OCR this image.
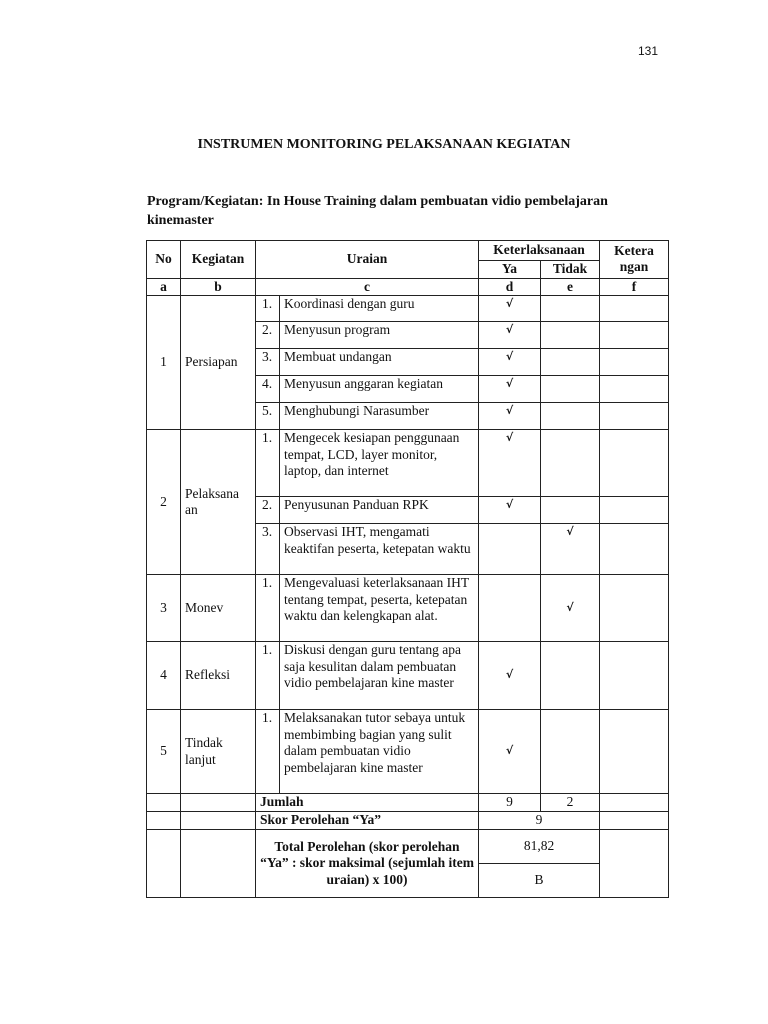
131
INSTRUMEN MONITORING PELAKSANAAN KEGIATAN
Program/Kegiatan: In House Training dalam pembuatan vidio pembelajaran kinemaster
No	Kegiatan	Uraian		Keterlaksanaan		Ketera ngan
				Ya	Tidak	
a	b	c		d	e	f
1	Persiapan	1.	Koordinasi dengan guru	√		
		2.	Menyusun program	√		
		3.	Membuat undangan	√		
		4.	Menyusun anggaran kegiatan	√		
		5.	Menghubungi Narasumber	√		
2	Pelaksana an	1.	Mengecek kesiapan penggunaan tempat, LCD, layer monitor, laptop, dan internet	√		
		2.	Penyusunan Panduan RPK	√		
		3.	Observasi IHT, mengamati keaktifan peserta, ketepatan waktu		√	
3	Monev	1.	Mengevaluasi keterlaksanaan IHT tentang tempat, peserta, ketepatan waktu dan kelengkapan alat.		√	
4	Refleksi	1.	Diskusi dengan guru tentang apa saja kesulitan dalam pembuatan vidio pembelajaran kine master	√		
5	Tindak lanjut	1.	Melaksanakan tutor sebaya untuk membimbing bagian yang sulit dalam pembuatan vidio pembelajaran kine master	√		
		Jumlah		9	2	
		Skor Perolehan “Ya”		9		
		Total Perolehan (skor perolehan “Ya” : skor maksimal (sejumlah item uraian) x 100)		81,82		
				B		
